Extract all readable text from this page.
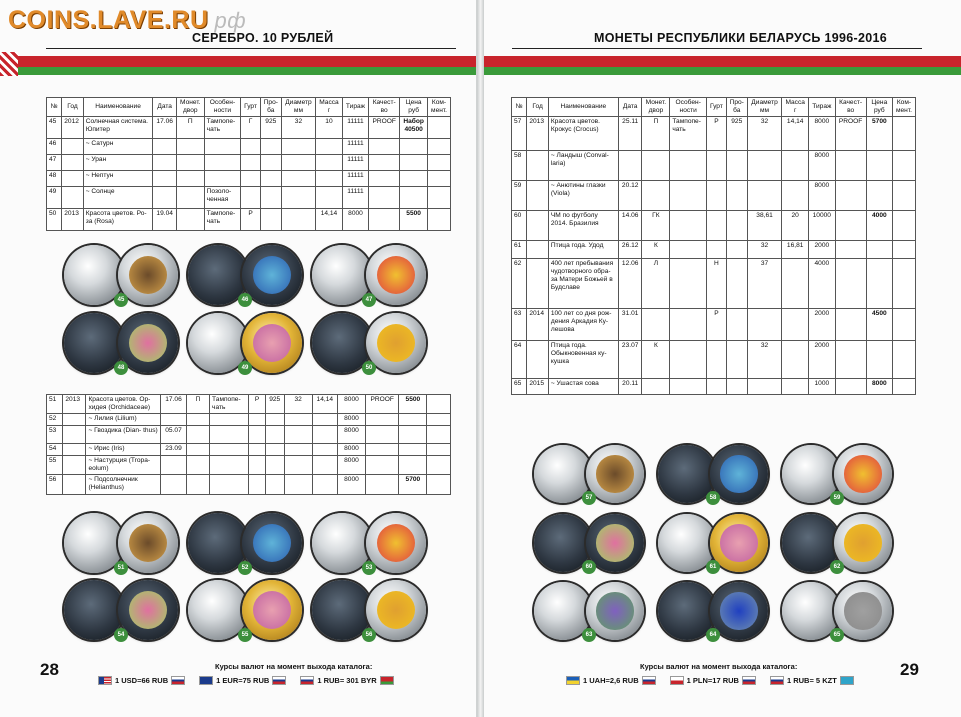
COINS.LAVE.RU рф
СЕРЕБРО. 10 РУБЛЕЙ
№	Год	Наименование	Дата	Монет. двор	Особен- ности	Гурт	Про- ба	Диаметр мм	Масса г	Тираж	Качест- во	Цена руб	Ком- мент.
45	2012	Солнечная система. Юпитер	17.06	П	Тампопе- чать	Г	925	32	10	11111	PROOF	Набор 40500	
46		~ Сатурн								11111			
47		~ Уран								11111			
48		~ Нептун								11111			
49		~ Солнце			Позоло- ченная					11111			
50	2013	Красота цветов. Ро- за (Rosa)	19.04		Тампопе- чать	Р			14,14	8000		5500	
45	46	47
48	49	50
51	2013	Красота цветов. Ор- хидея (Orchidaceae)	17.06	П	Тампопе- чать	Р	925	32	14,14	8000	PROOF	5500	
52		~ Лилия (Lilium)								8000			
53		~ Гвоздика (Dian- thus)	05.07							8000			
54		~ Ирис (Iris)	23.09							8000			
55		~ Настурция (Tropa- eolum)								8000			
56		~ Подсолнечник (Helianthus)								8000		5700	
51	52	53
54	55	56
28	Курсы валют на момент выхода каталога:
1 USD=66 RUB	1 EUR=75 RUB	1 RUB= 301 BYR
МОНЕТЫ РЕСПУБЛИКИ БЕЛАРУСЬ 1996-2016
№	Год	Наименование	Дата	Монет. двор	Особен- ности	Гурт	Про- ба	Диаметр мм	Масса г	Тираж	Качест- во	Цена руб	Ком- мент.
57	2013	Красота цветов. Крокус (Crocus)	25.11	П	Тампопе- чать	Р	925	32	14,14	8000	PROOF	5700	
58		~ Ландыш (Conval- laria)								8000			
59		~ Анютины глазки (Viola)	20.12							8000			
60		ЧМ по футболу 2014. Бразилия	14.06	ГК				38,61	20	10000		4000	
61		Птица года. Удод	26.12	К				32	16,81	2000			
62		400 лет пребывания чудотворного обра- за Матери Божьей в Будславе	12.06	Л		Н		37		4000			
63	2014	100 лет со дня рож- дения Аркадия Ку- лешова	31.01			Р				2000		4500	
64		Птица года. Обыкновенная ку- кушка	23.07	К				32		2000			
65	2015	~ Ушастая сова	20.11							1000		8000	
57	58	59
60	61	62
63	64	65
29
Курсы валют на момент выхода каталога:
1 UAH=2,6 RUB	1 PLN=17 RUB	1 RUB= 5 KZT
